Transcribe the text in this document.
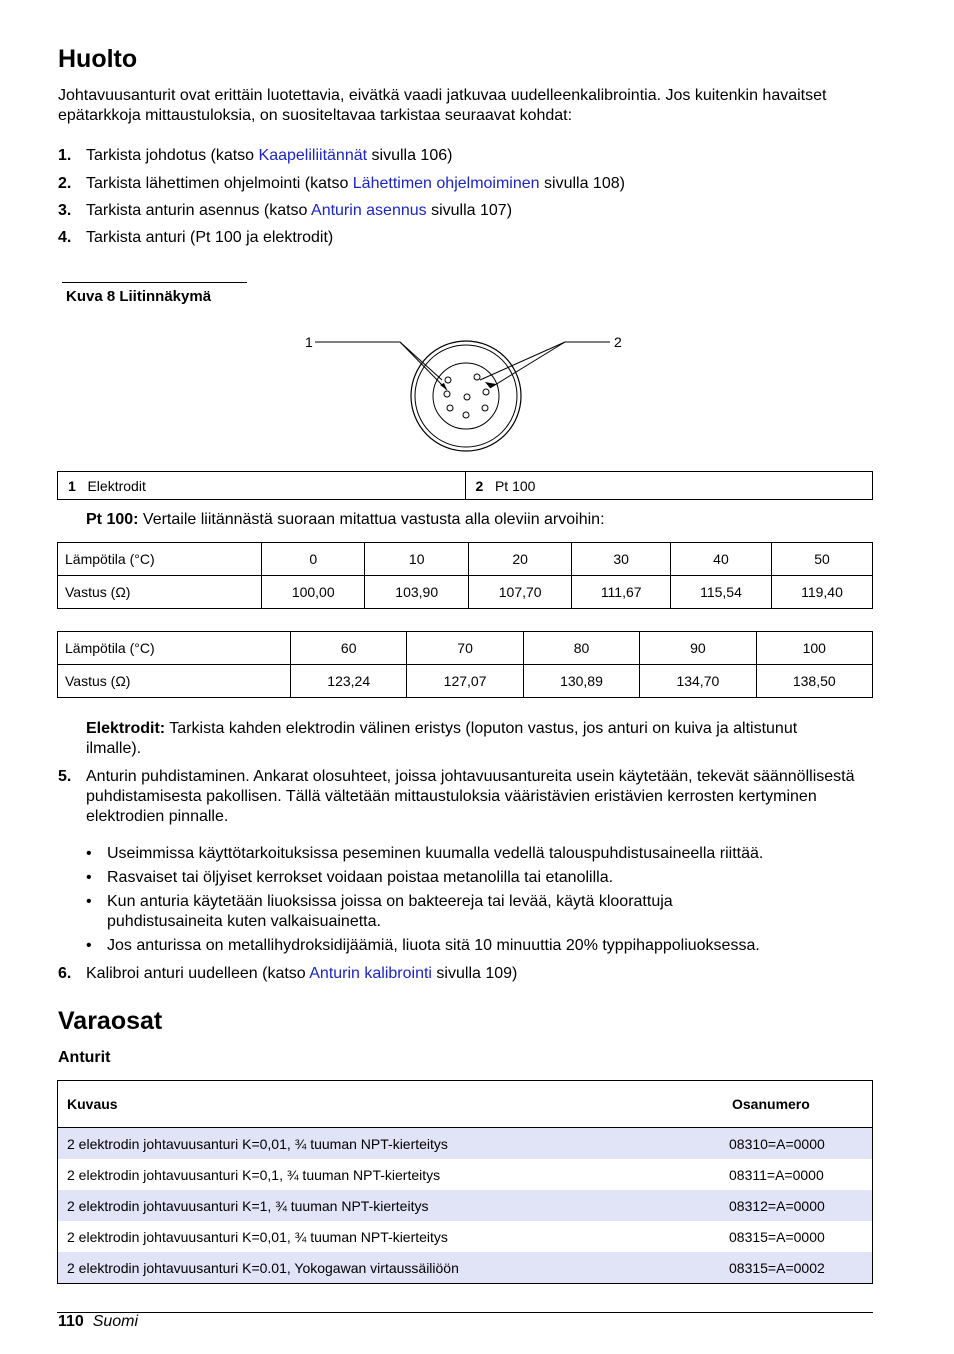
Huolto
Johtavuusanturit ovat erittäin luotettavia, eivätkä vaadi jatkuvaa uudelleenkalibrointia. Jos kuitenkin havaitset epätarkkoja mittaustuloksia, on suositeltavaa tarkistaa seuraavat kohdat:
1. Tarkista johdotus (katso Kaapeliliitännät sivulla 106)
2. Tarkista lähettimen ohjelmointi (katso Lähettimen ohjelmoiminen sivulla 108)
3. Tarkista anturin asennus (katso Anturin asennus sivulla 107)
4. Tarkista anturi (Pt 100 ja elektrodit)
Kuva 8 Liitinnäkymä
1	2
1 Elektrodit	2 Pt 100
Pt 100: Vertaile liitännästä suoraan mitattua vastusta alla oleviin arvoihin:
Lämpötila (°C)	0	10	20	30	40	50
Vastus (Ω)	100,00	103,90	107,70	111,67	115,54	119,40
Lämpötila (°C)	60	70	80	90	100
Vastus (Ω)	123,24	127,07	130,89	134,70	138,50
Elektrodit: Tarkista kahden elektrodin välinen eristys (loputon vastus, jos anturi on kuiva ja altistunut ilmalle).
5. Anturin puhdistaminen. Ankarat olosuhteet, joissa johtavuusantureita usein käytetään, tekevät säännöllisestä puhdistamisesta pakollisen. Tällä vältetään mittaustuloksia vääristävien eristävien kerrosten kertyminen elektrodien pinnalle.
• Useimmissa käyttötarkoituksissa peseminen kuumalla vedellä talouspuhdistusaineella riittää.
• Rasvaiset tai öljyiset kerrokset voidaan poistaa metanolilla tai etanolilla.
• Kun anturia käytetään liuoksissa joissa on bakteereja tai levää, käytä kloorattuja puhdistusaineita kuten valkaisuainetta.
• Jos anturissa on metallihydroksidijäämiä, liuota sitä 10 minuuttia 20% typpihappoliuoksessa.
6. Kalibroi anturi uudelleen (katso Anturin kalibrointi sivulla 109)
Varaosat
Anturit
Kuvaus	Osanumero
2 elektrodin johtavuusanturi K=0,01, ¾ tuuman NPT-kierteitys	08310=A=0000
2 elektrodin johtavuusanturi K=0,1, ¾ tuuman NPT-kierteitys	08311=A=0000
2 elektrodin johtavuusanturi K=1, ¾ tuuman NPT-kierteitys	08312=A=0000
2 elektrodin johtavuusanturi K=0,01, ¾ tuuman NPT-kierteitys	08315=A=0000
2 elektrodin johtavuusanturi K=0.01, Yokogawan virtaussäiliöön	08315=A=0002
110 Suomi
